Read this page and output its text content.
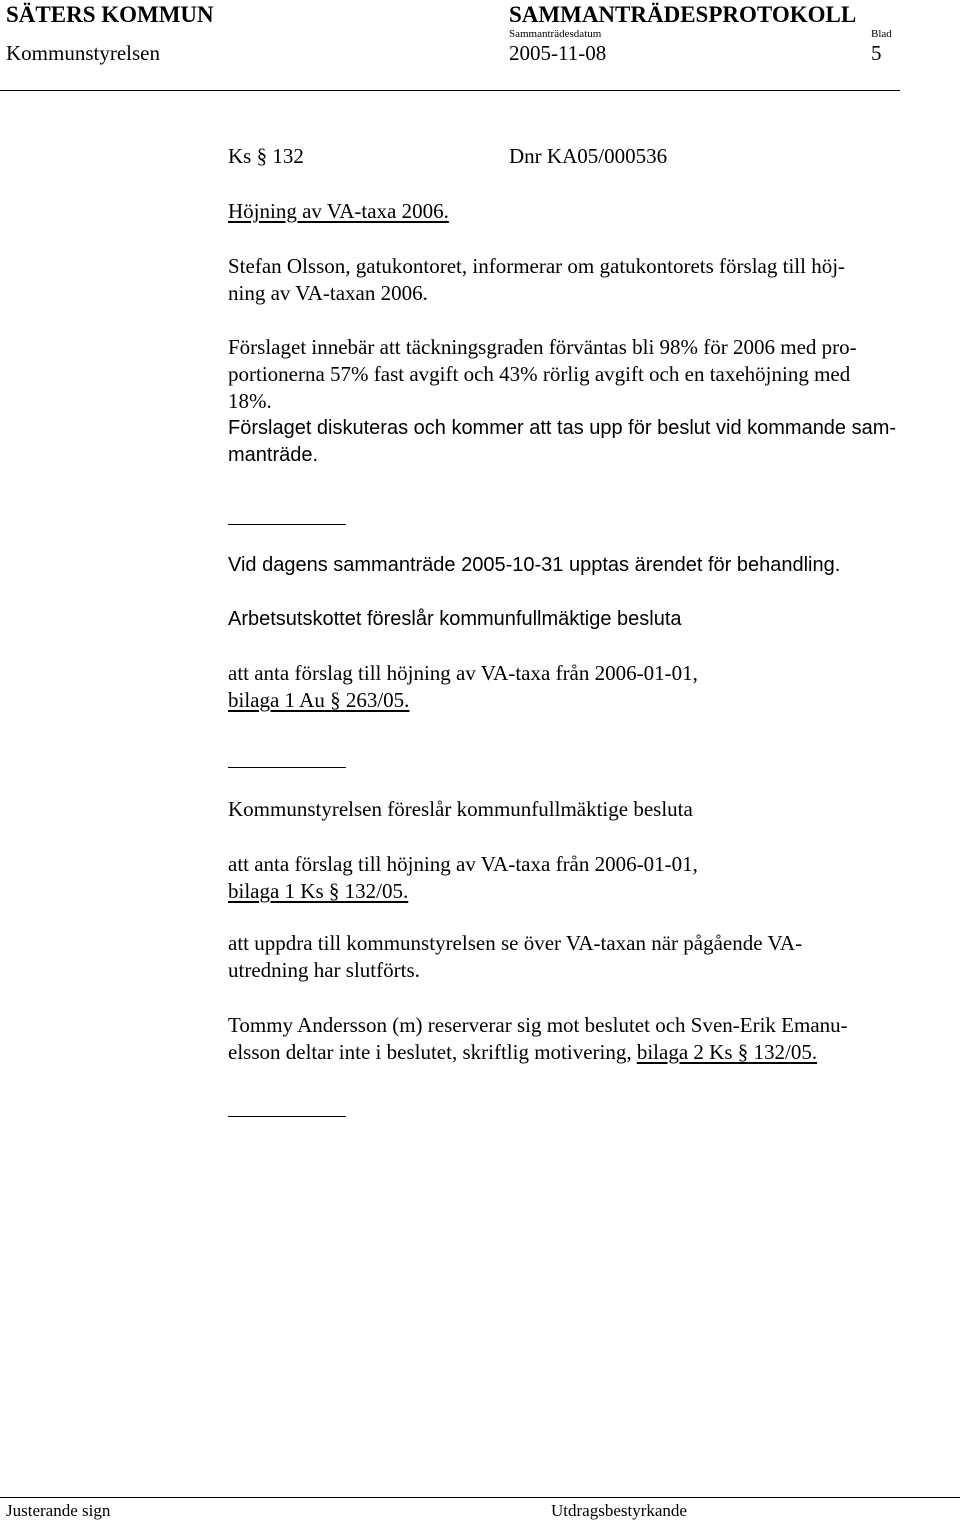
SÄTERS KOMMUN	SAMMANTRÄDESPROTOKOLL
Kommunstyrelsen
Sammanträdesdatum
2005-11-08
Blad
5
Ks § 132	Dnr KA05/000536
Höjning av VA-taxa 2006.
Stefan Olsson, gatukontoret, informerar om gatukontorets förslag till höj-
ning av VA-taxan 2006.
Förslaget innebär att täckningsgraden förväntas bli 98% för 2006 med pro-
portionerna 57% fast avgift och 43% rörlig avgift och en taxehöjning med
18%.
Förslaget diskuteras och kommer att tas upp för beslut vid kommande sam-
manträde.
Vid dagens sammanträde 2005-10-31 upptas ärendet för behandling.
Arbetsutskottet föreslår kommunfullmäktige besluta
att anta förslag till höjning av VA-taxa från 2006-01-01,
bilaga 1 Au § 263/05.
Kommunstyrelsen föreslår kommunfullmäktige besluta
att anta förslag till höjning av VA-taxa från 2006-01-01,
bilaga 1 Ks § 132/05.
att uppdra till kommunstyrelsen se över VA-taxan när pågående VA-
utredning har slutförts.
Tommy Andersson (m) reserverar sig mot beslutet och Sven-Erik Emanu-
elsson deltar inte i beslutet, skriftlig motivering, bilaga 2 Ks § 132/05.
Justerande sign	Utdragsbestyrkande
